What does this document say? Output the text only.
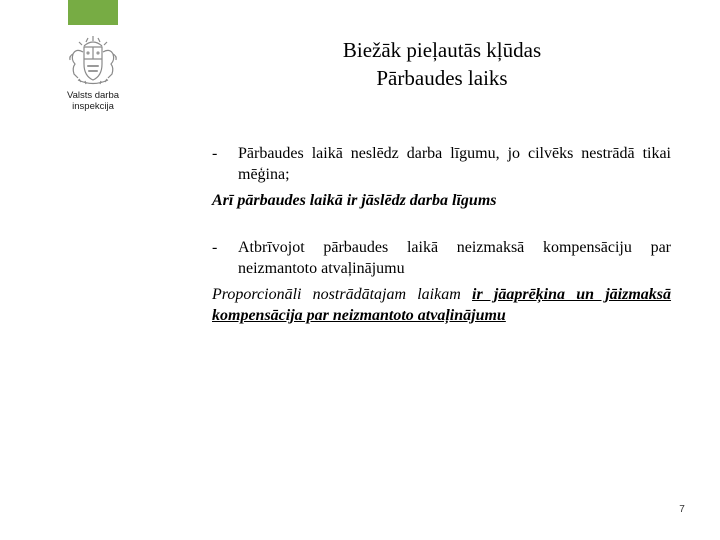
Valsts darba
inspekcija
Biežāk pieļautās kļūdas
Pārbaudes laiks
- Pārbaudes laikā neslēdz darba līgumu, jo cilvēks nestrādā tikai mēģina;
Arī pārbaudes laikā ir jāslēdz darba līgums
- Atbrīvojot pārbaudes laikā neizmaksā kompensāciju par neizmantoto atvaļinājumu
Proporcionāli nostrādātajam laikam ir jāaprēķina un jāizmaksā kompensācija par neizmantoto atvaļinājumu
7
